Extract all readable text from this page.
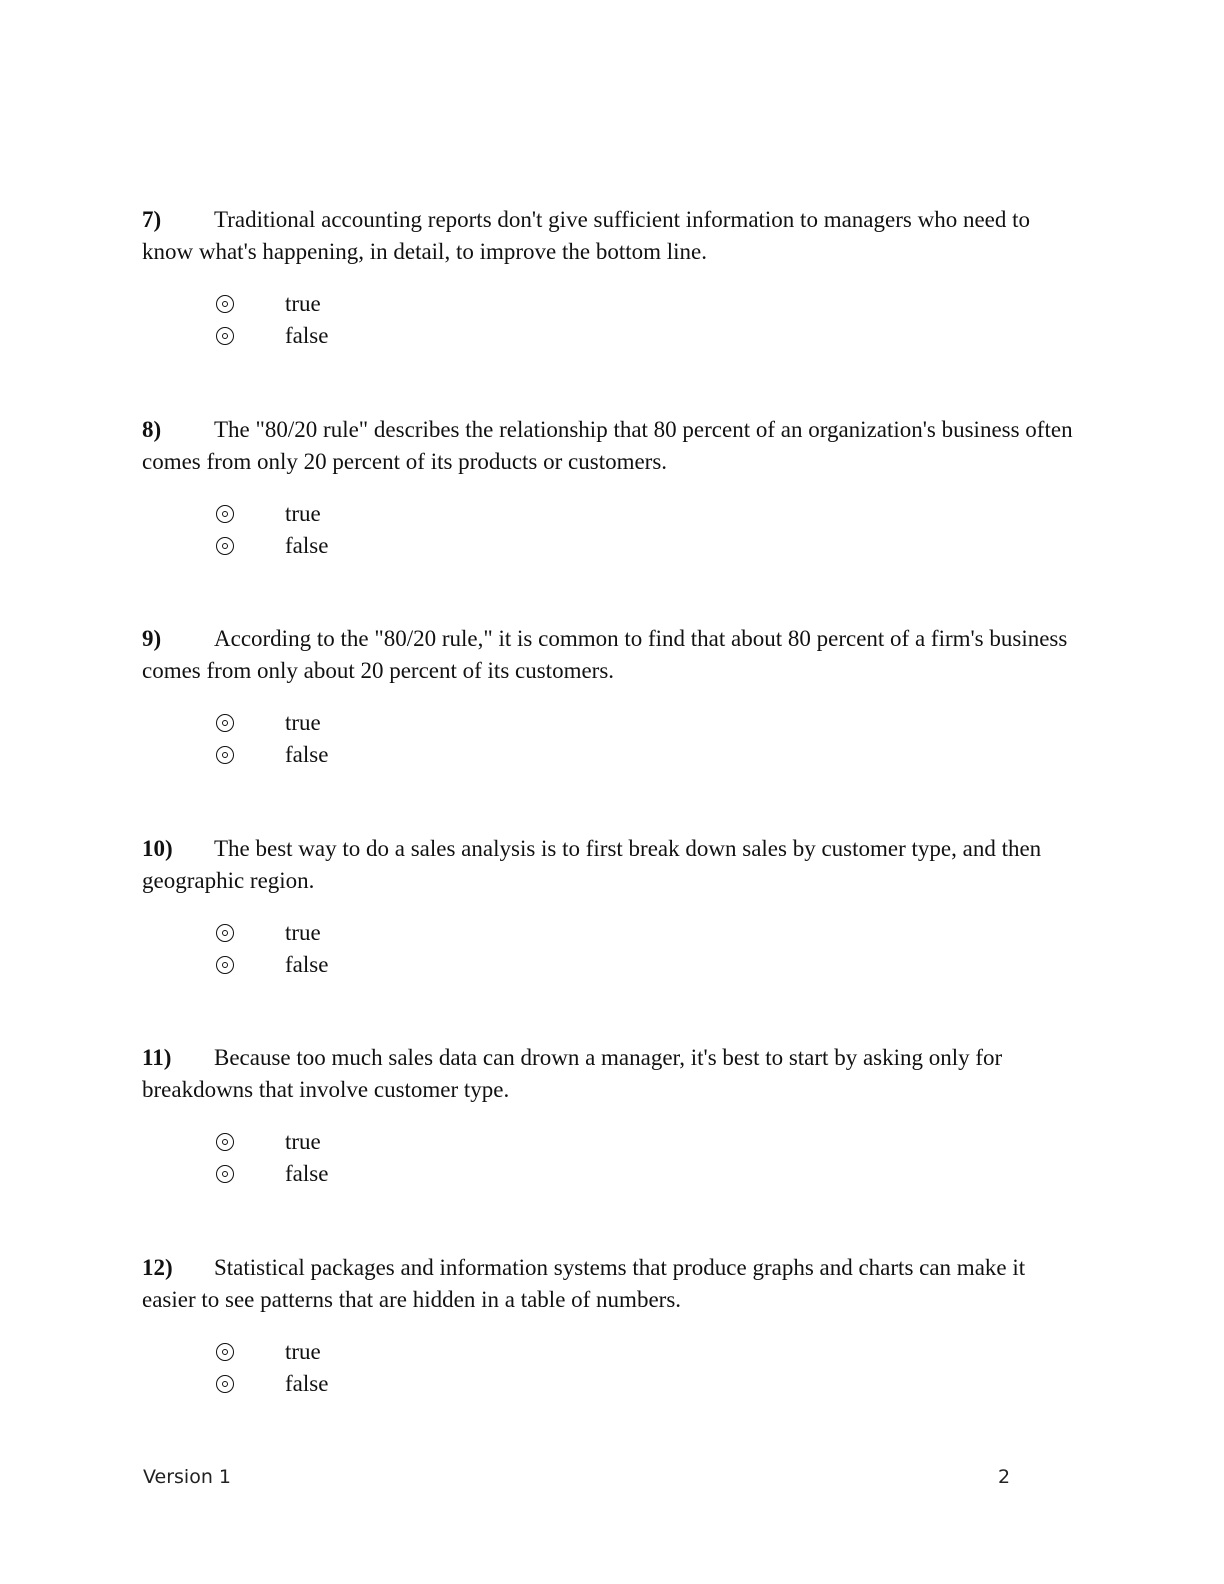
7) Traditional accounting reports don't give sufficient information to managers who need to know what's happening, in detail, to improve the bottom line.

true
false

8) The "80/20 rule" describes the relationship that 80 percent of an organization's business often comes from only 20 percent of its products or customers.

true
false

9) According to the "80/20 rule," it is common to find that about 80 percent of a firm's business comes from only about 20 percent of its customers.

true
false

10) The best way to do a sales analysis is to first break down sales by customer type, and then geographic region.

true
false

11) Because too much sales data can drown a manager, it's best to start by asking only for breakdowns that involve customer type.

true
false

12) Statistical packages and information systems that produce graphs and charts can make it easier to see patterns that are hidden in a table of numbers.

true
false
Version 1	2
